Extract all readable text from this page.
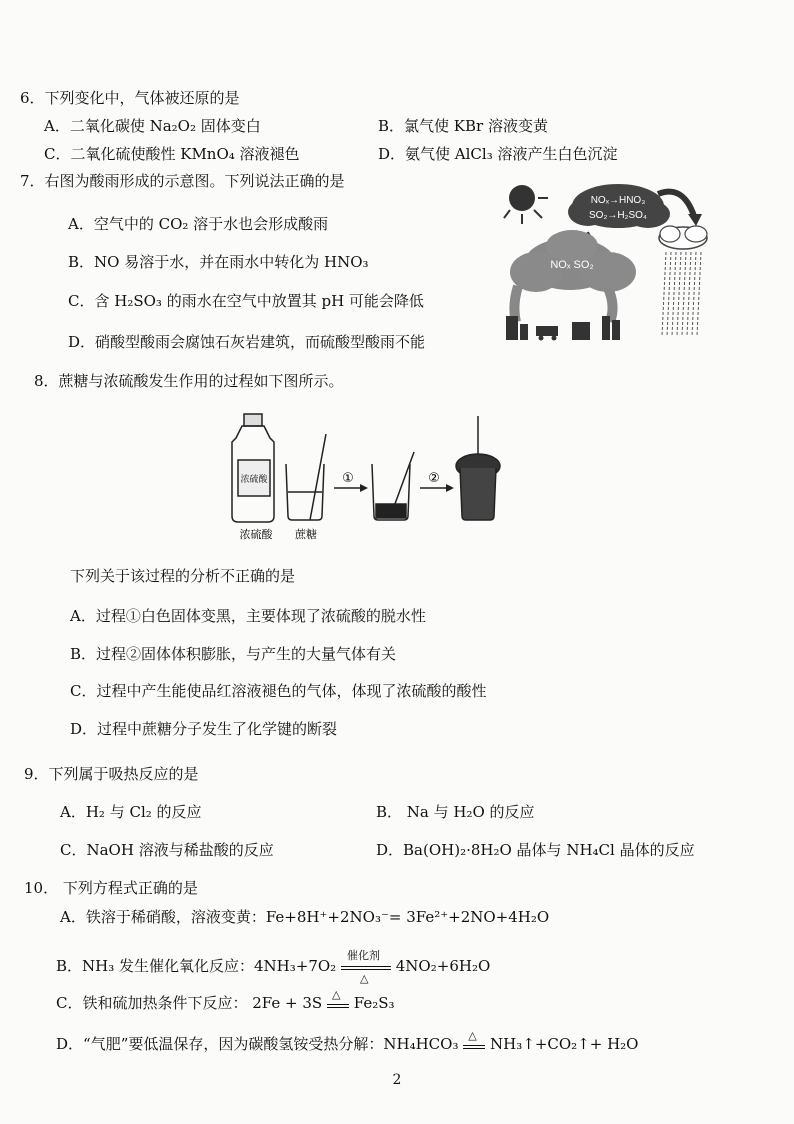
6．下列变化中，气体被还原的是
A．二氧化碳使 Na₂O₂ 固体变白	B．氯气使 KBr 溶液变黄
C．二氧化硫使酸性 KMnO₄ 溶液褪色	D．氨气使 AlCl₃ 溶液产生白色沉淀
7．右图为酸雨形成的示意图。下列说法正确的是
A．空气中的 CO₂ 溶于水也会形成酸雨
B．NO 易溶于水，并在雨水中转化为 HNO₃
C．含 H₂SO₃ 的雨水在空气中放置其 pH 可能会降低
D．硝酸型酸雨会腐蚀石灰岩建筑，而硫酸型酸雨不能
NOₓ→HNO₃
SO₂→H₂SO₄
NOₓ SO₂
8．蔗糖与浓硫酸发生作用的过程如下图所示。
浓硫酸	①	②
浓硫酸 蔗糖
下列关于该过程的分析不正确的是
A．过程①白色固体变黑，主要体现了浓硫酸的脱水性
B．过程②固体体积膨胀，与产生的大量气体有关
C．过程中产生能使品红溶液褪色的气体，体现了浓硫酸的酸性
D．过程中蔗糖分子发生了化学键的断裂
9．下列属于吸热反应的是
A．H₂ 与 Cl₂ 的反应	B． Na 与 H₂O 的反应
C．NaOH 溶液与稀盐酸的反应	D．Ba(OH)₂·8H₂O 晶体与 NH₄Cl 晶体的反应
10． 下列方程式正确的是
A．铁溶于稀硝酸，溶液变黄：Fe+8H⁺+2NO₃⁻= 3Fe²⁺+2NO+4H₂O
B．NH₃ 发生催化氧化反应：4NH₃+7O₂
催化剂
△
4NO₂+6H₂O
C．铁和硫加热条件下反应： 2Fe + 3S △ Fe₂S₃
D．“气肥”要低温保存，因为碳酸氢铵受热分解：NH₄HCO₃ △ NH₃↑+CO₂↑+ H₂O
2
